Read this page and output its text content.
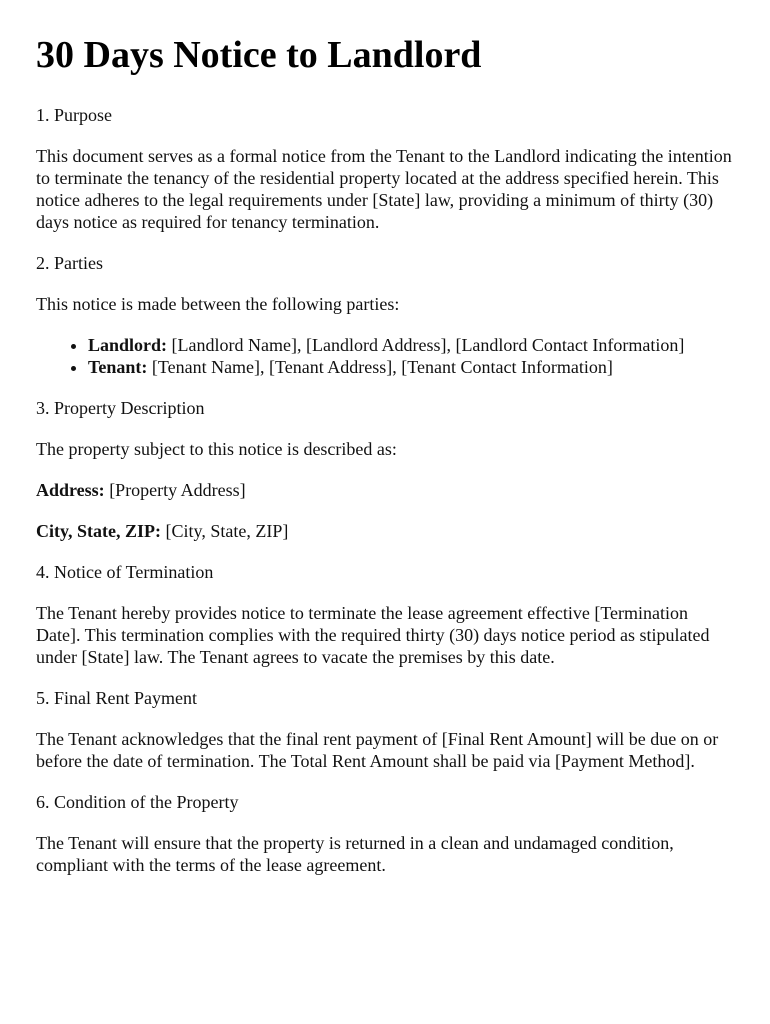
30 Days Notice to Landlord
1. Purpose

This document serves as a formal notice from the Tenant to the Landlord indicating the intention to terminate the tenancy of the residential property located at the address specified herein. This notice adheres to the legal requirements under [State] law, providing a minimum of thirty (30) days notice as required for tenancy termination.

2. Parties

This notice is made between the following parties:

• Landlord: [Landlord Name], [Landlord Address], [Landlord Contact Information]
• Tenant: [Tenant Name], [Tenant Address], [Tenant Contact Information]
3. Property Description

The property subject to this notice is described as:

Address: [Property Address]

City, State, ZIP: [City, State, ZIP]

4. Notice of Termination

The Tenant hereby provides notice to terminate the lease agreement effective [Termination Date]. This termination complies with the required thirty (30) days notice period as stipulated under [State] law. The Tenant agrees to vacate the premises by this date.

5. Final Rent Payment

The Tenant acknowledges that the final rent payment of [Final Rent Amount] will be due on or before the date of termination. The Total Rent Amount shall be paid via [Payment Method].

6. Condition of the Property

The Tenant will ensure that the property is returned in a clean and undamaged condition, compliant with the terms of the lease agreement.
